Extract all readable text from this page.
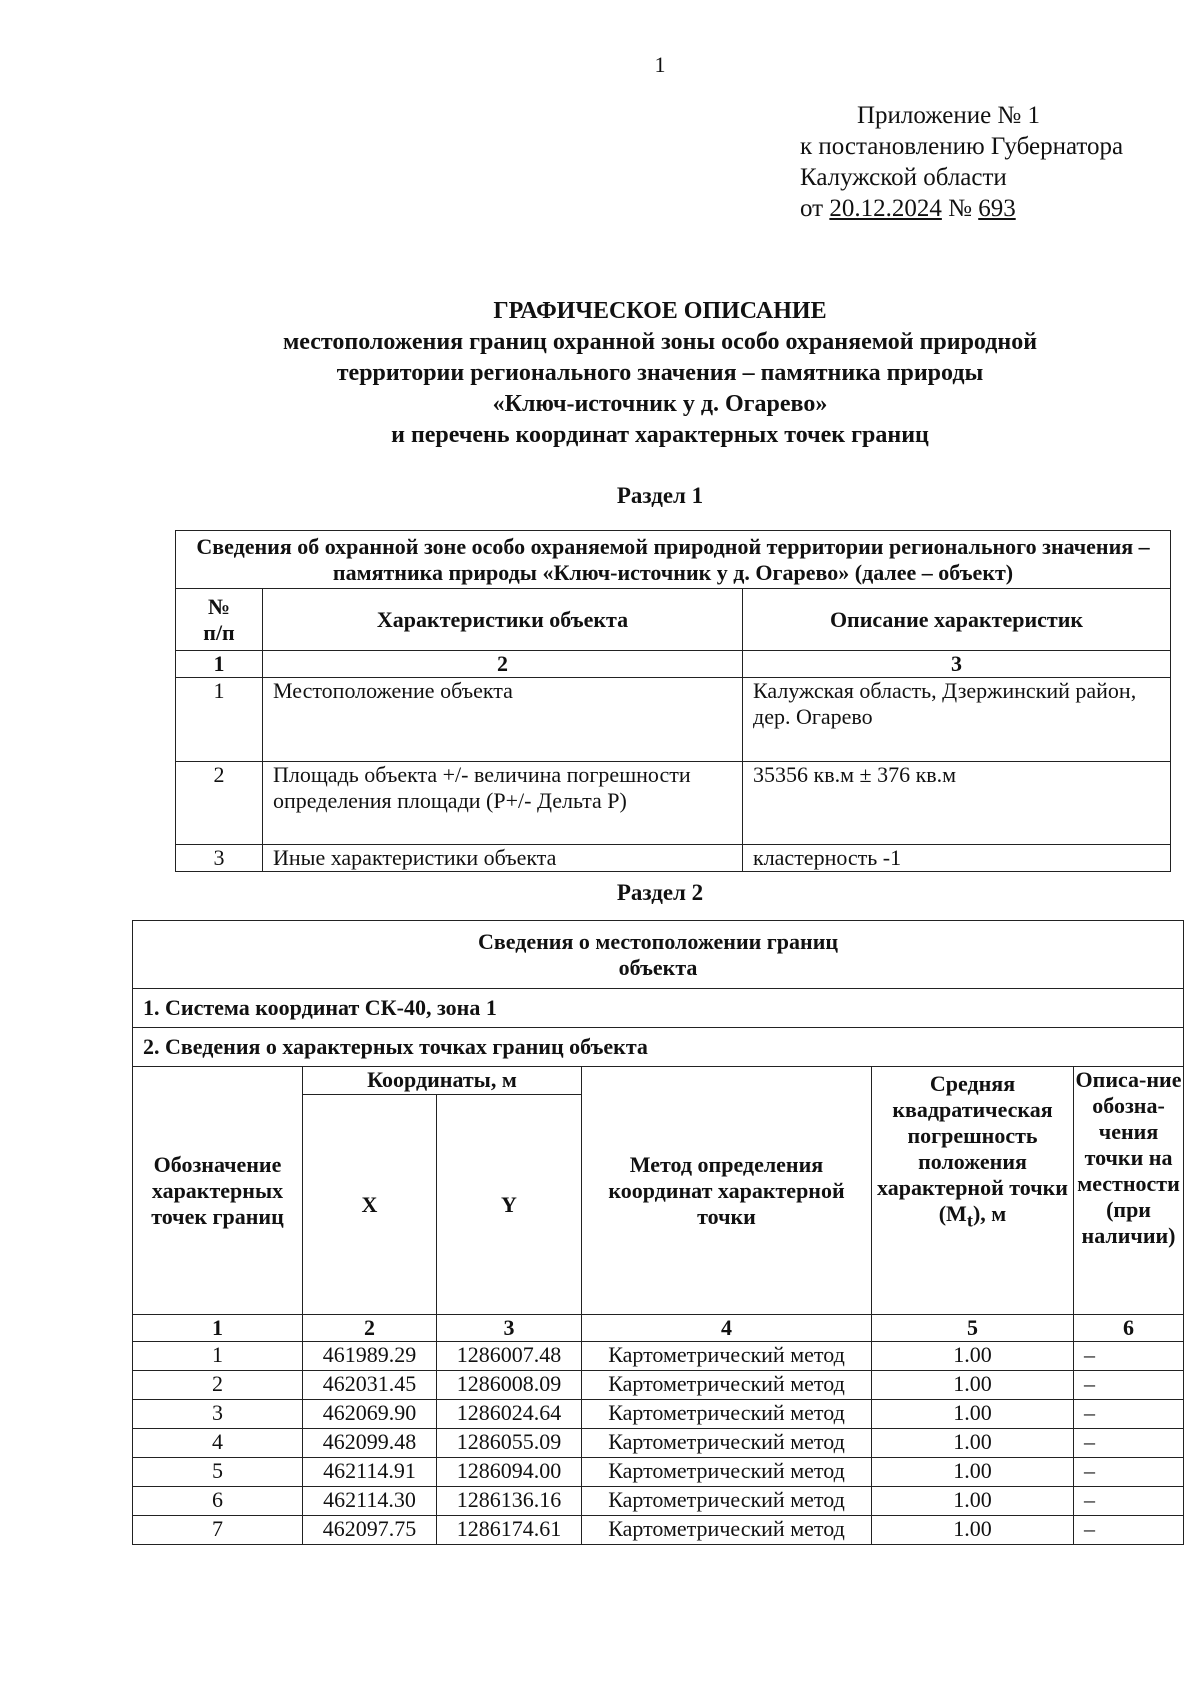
1
Приложение № 1
к постановлению Губернатора
Калужской области
от 20.12.2024 № 693
ГРАФИЧЕСКОЕ ОПИСАНИЕ
местоположения границ охранной зоны особо охраняемой природной
территории регионального значения – памятника природы
«Ключ-источник у д. Огарево»
и перечень координат характерных точек границ
Раздел 1
Сведения об охранной зоне особо охраняемой природной территории регионального значения – памятника природы «Ключ-источник у д. Огарево» (далее – объект)		

№
п/п	Характеристики объекта	Описание характеристик
1	2	3
1	Местоположение объекта	Калужская область, Дзержинский район,
дер. Огарево

2	Площадь объекта +/- величина погрешности определения площади (P+/- Дельта P)	35356 кв.м ± 376 кв.м

3	Иные характеристики объекта	кластерность -1
Раздел 2
Сведения о местоположении границ
объекта					

1. Система координат СК-40, зона 1					
2. Сведения о характерных точках границ объекта					
Обозначение характерных точек границ	Координаты, м		Метод определения координат характерной точки	Средняя квадратическая погрешность положения характерной точки $(M_t)$, м	Описа-ние обозна-чения точки на местности (при наличии)
	X	Y			
1	2	3	4	5	6
1	461989.29	1286007.48	Картометрический метод	1.00	–
2	462031.45	1286008.09	Картометрический метод	1.00	–
3	462069.90	1286024.64	Картометрический метод	1.00	–
4	462099.48	1286055.09	Картометрический метод	1.00	–
5	462114.91	1286094.00	Картометрический метод	1.00	–
6	462114.30	1286136.16	Картометрический метод	1.00	–
7	462097.75	1286174.61	Картометрический метод	1.00	–
